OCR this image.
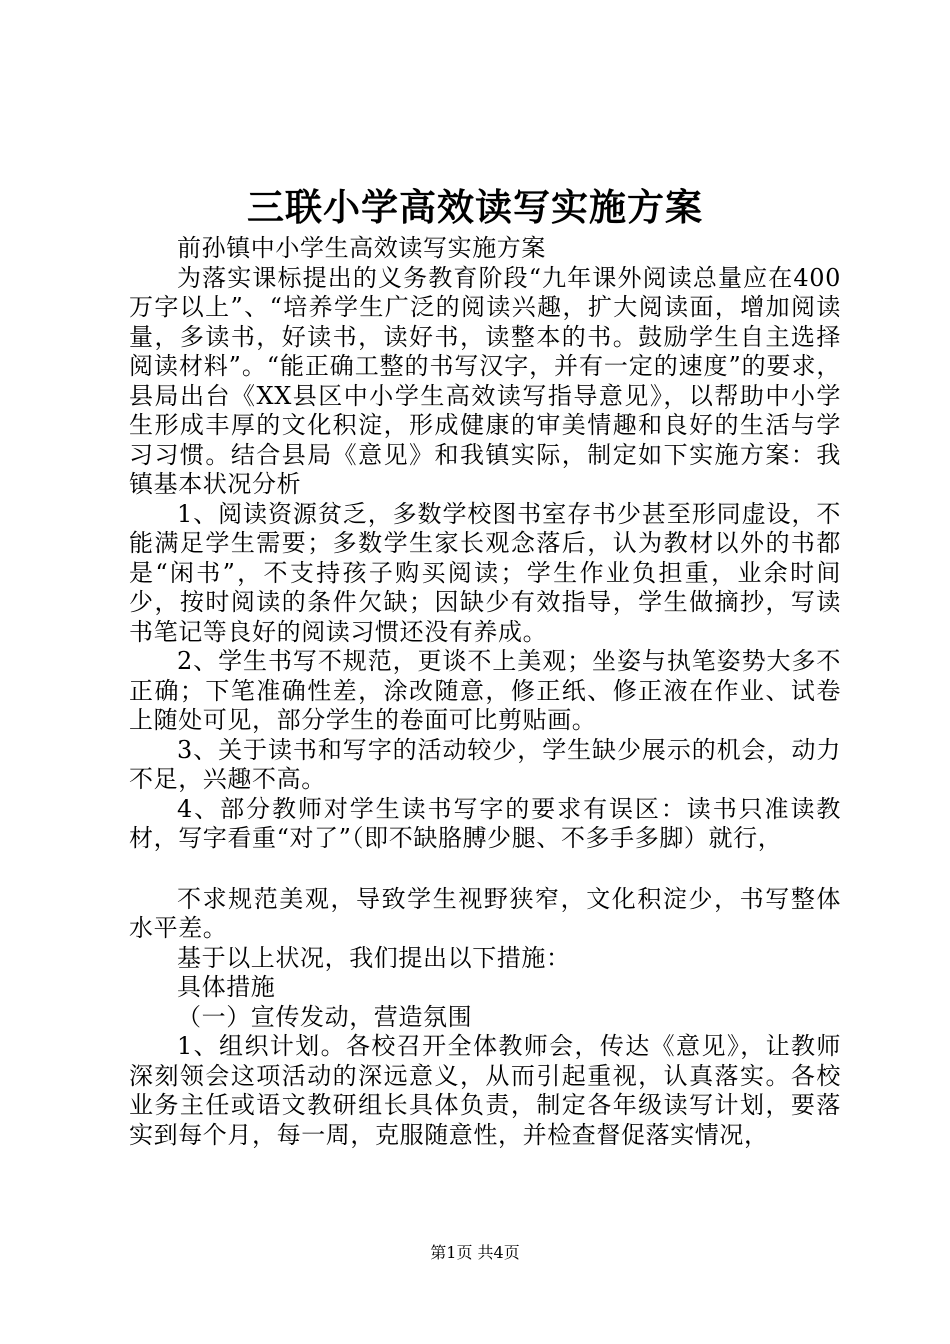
三联小学高效读写实施方案

前孙镇中小学生高效读写实施方案

为落实课标提出的义务教育阶段“九年课外阅读总量应在400万字以上”、“培养学生广泛的阅读兴趣，扩大阅读面，增加阅读量，多读书，好读书，读好书，读整本的书。鼓励学生自主选择阅读材料”。“能正确工整的书写汉字，并有一定的速度”的要求，县局出台《XX县区中小学生高效读写指导意见》，以帮助中小学生形成丰厚的文化积淀，形成健康的审美情趣和良好的生活与学习习惯。结合县局《意见》和我镇实际，制定如下实施方案：我镇基本状况分析

1、阅读资源贫乏，多数学校图书室存书少甚至形同虚设，不能满足学生需要；多数学生家长观念落后，认为教材以外的书都是“闲书”，不支持孩子购买阅读；学生作业负担重，业余时间少，按时阅读的条件欠缺；因缺少有效指导，学生做摘抄，写读书笔记等良好的阅读习惯还没有养成。

2、学生书写不规范，更谈不上美观；坐姿与执笔姿势大多不正确；下笔准确性差，涂改随意，修正纸、修正液在作业、试卷上随处可见，部分学生的卷面可比剪贴画。

3、关于读书和写字的活动较少，学生缺少展示的机会，动力不足，兴趣不高。

4、部分教师对学生读书写字的要求有误区：读书只准读教材，写字看重“对了”（即不缺胳膊少腿、不多手多脚）就行，

不求规范美观，导致学生视野狭窄，文化积淀少，书写整体水平差。

基于以上状况，我们提出以下措施：

具体措施

（一）宣传发动，营造氛围

1、组织计划。各校召开全体教师会，传达《意见》，让教师深刻领会这项活动的深远意义，从而引起重视，认真落实。各校业务主任或语文教研组长具体负责，制定各年级读写计划，要落实到每个月，每一周，克服随意性，并检查督促落实情况，

第1页 共4页
